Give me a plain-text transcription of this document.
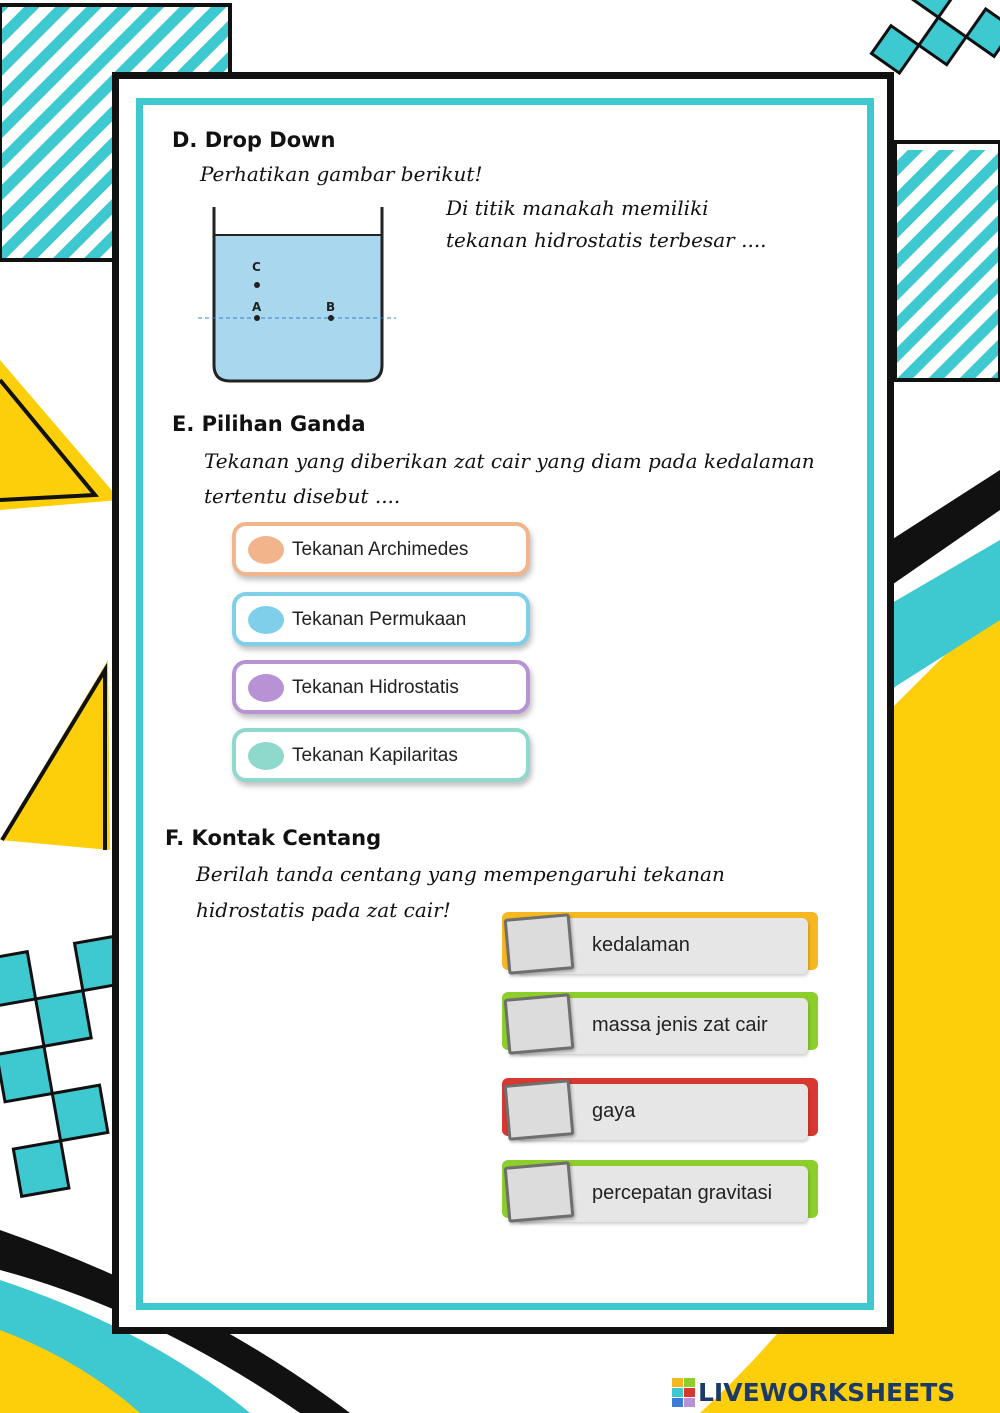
D. Drop Down

Perhatikan gambar berikut!

Di titik manakah memiliki

tekanan hidrostatis terbesar ....

C
A	B
E. Pilihan Ganda

Tekanan yang diberikan zat cair yang diam pada kedalaman

tertentu disebut ....

Tekanan Archimedes
Tekanan Permukaan
Tekanan Hidrostatis
Tekanan Kapilaritas
F. Kontak Centang

Berilah tanda centang yang mempengaruhi tekanan

hidrostatis pada zat cair!

kedalaman
massa jenis zat cair
gaya
percepatan gravitasi
LIVEWORKSHEETS
